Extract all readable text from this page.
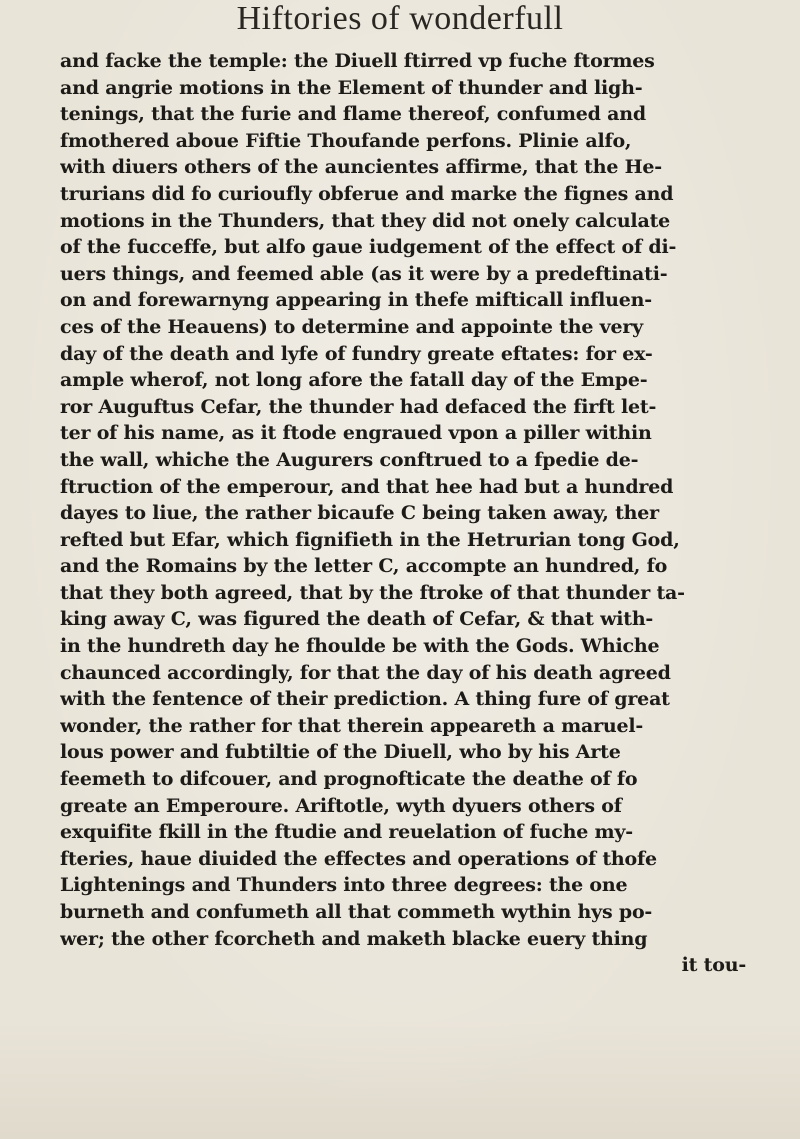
Hiftories of wonderfull
and facke the temple: the Diuell ftirred vp fuche ftormes
and angrie motions in the Element of thunder and ligh-
tenings, that the furie and flame thereof, confumed and
fmothered aboue Fiftie Thoufande perfons. Plinie alfo,
with diuers others of the auncientes affirme, that the He-
trurians did fo curioufly obferue and marke the fignes and
motions in the Thunders, that they did not onely calculate
of the fucceffe, but alfo gaue iudgement of the effect of di-
uers things, and feemed able (as it were by a predeftinati-
on and forewarnyng appearing in thefe mifticall influen-
ces of the Heauens) to determine and appointe the very
day of the death and lyfe of fundry greate eftates: for ex-
ample wherof, not long afore the fatall day of the Empe-
ror Auguftus Cefar, the thunder had defaced the firft let-
ter of his name, as it ftode engraued vpon a piller within
the wall, whiche the Augurers conftrued to a fpedie de-
ftruction of the emperour, and that hee had but a hundred
dayes to liue, the rather bicaufe C being taken away, ther
refted but Efar, which fignifieth in the Hetrurian tong God,
and the Romains by the letter C, accompte an hundred, fo
that they both agreed, that by the ftroke of that thunder ta-
king away C, was figured the death of Cefar, & that with-
in the hundreth day he fhoulde be with the Gods. Whiche
chaunced accordingly, for that the day of his death agreed
with the fentence of their prediction. A thing fure of great
wonder, the rather for that therein appeareth a maruel-
lous power and fubtiltie of the Diuell, who by his Arte
feemeth to difcouer, and prognofticate the deathe of fo
greate an Emperoure. Ariftotle, wyth dyuers others of
exquifite fkill in the ftudie and reuelation of fuche my-
fteries, haue diuided the effectes and operations of thofe
Lightenings and Thunders into three degrees: the one
burneth and confumeth all that commeth wythin hys po-
wer; the other fcorcheth and maketh blacke euery thing
it tou-
